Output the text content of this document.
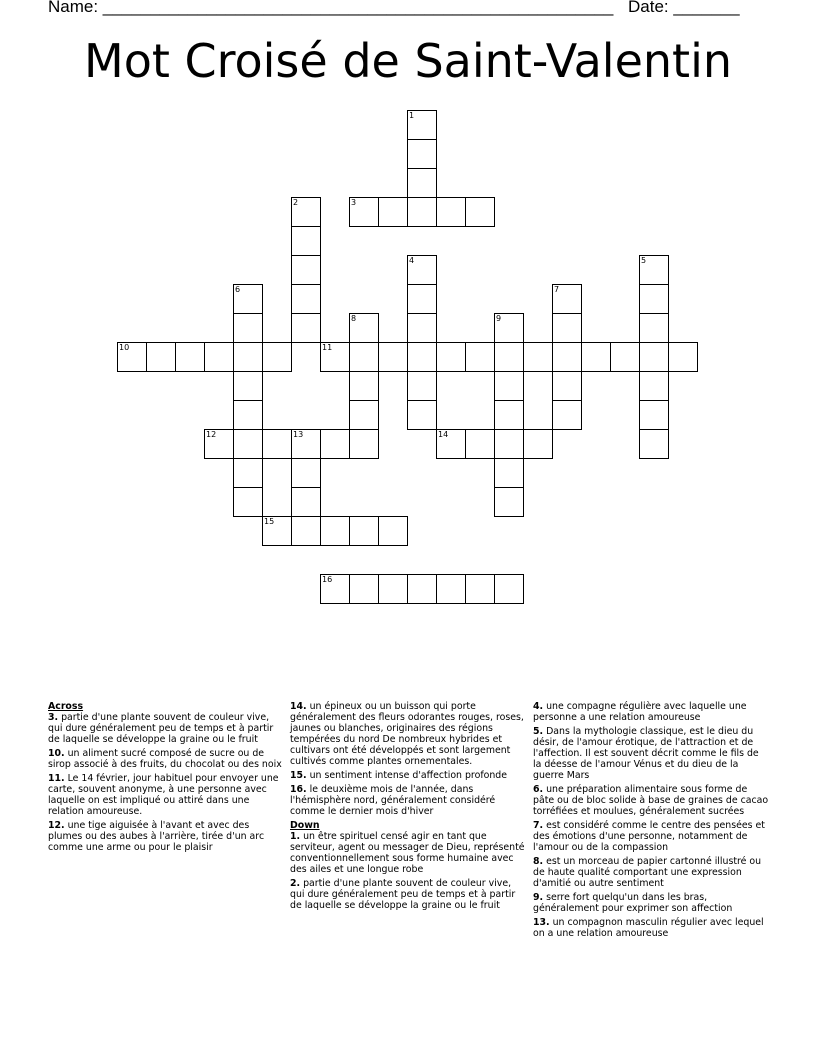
Name: ______________________________________________________ Date: _______
Mot Croisé de Saint-Valentin
1
2	3
4	5
6	7
8	9
10	11
12	13	14
15
16
Across
3. partie d'une plante souvent de couleur vive, qui dure généralement peu de temps et à partir de laquelle se développe la graine ou le fruit
10. un aliment sucré composé de sucre ou de sirop associé à des fruits, du chocolat ou des noix
11. Le 14 février, jour habituel pour envoyer une carte, souvent anonyme, à une personne avec laquelle on est impliqué ou attiré dans une relation amoureuse.
12. une tige aiguisée à l'avant et avec des plumes ou des aubes à l'arrière, tirée d'un arc comme une arme ou pour le plaisir
14. un épineux ou un buisson qui porte généralement des fleurs odorantes rouges, roses, jaunes ou blanches, originaires des régions tempérées du nord De nombreux hybrides et cultivars ont été développés et sont largement cultivés comme plantes ornementales.
15. un sentiment intense d'affection profonde
16. le deuxième mois de l'année, dans l'hémisphère nord, généralement considéré comme le dernier mois d'hiver
Down
1. un être spirituel censé agir en tant que serviteur, agent ou messager de Dieu, représenté conventionnellement sous forme humaine avec des ailes et une longue robe
2. partie d'une plante souvent de couleur vive, qui dure généralement peu de temps et à partir de laquelle se développe la graine ou le fruit
4. une compagne régulière avec laquelle une personne a une relation amoureuse
5. Dans la mythologie classique, est le dieu du désir, de l'amour érotique, de l'attraction et de l'affection. Il est souvent décrit comme le fils de la déesse de l'amour Vénus et du dieu de la guerre Mars
6. une préparation alimentaire sous forme de pâte ou de bloc solide à base de graines de cacao torréfiées et moulues, généralement sucrées
7. est considéré comme le centre des pensées et des émotions d'une personne, notamment de l'amour ou de la compassion
8. est un morceau de papier cartonné illustré ou de haute qualité comportant une expression d'amitié ou autre sentiment
9. serre fort quelqu'un dans les bras, généralement pour exprimer son affection
13. un compagnon masculin régulier avec lequel on a une relation amoureuse
